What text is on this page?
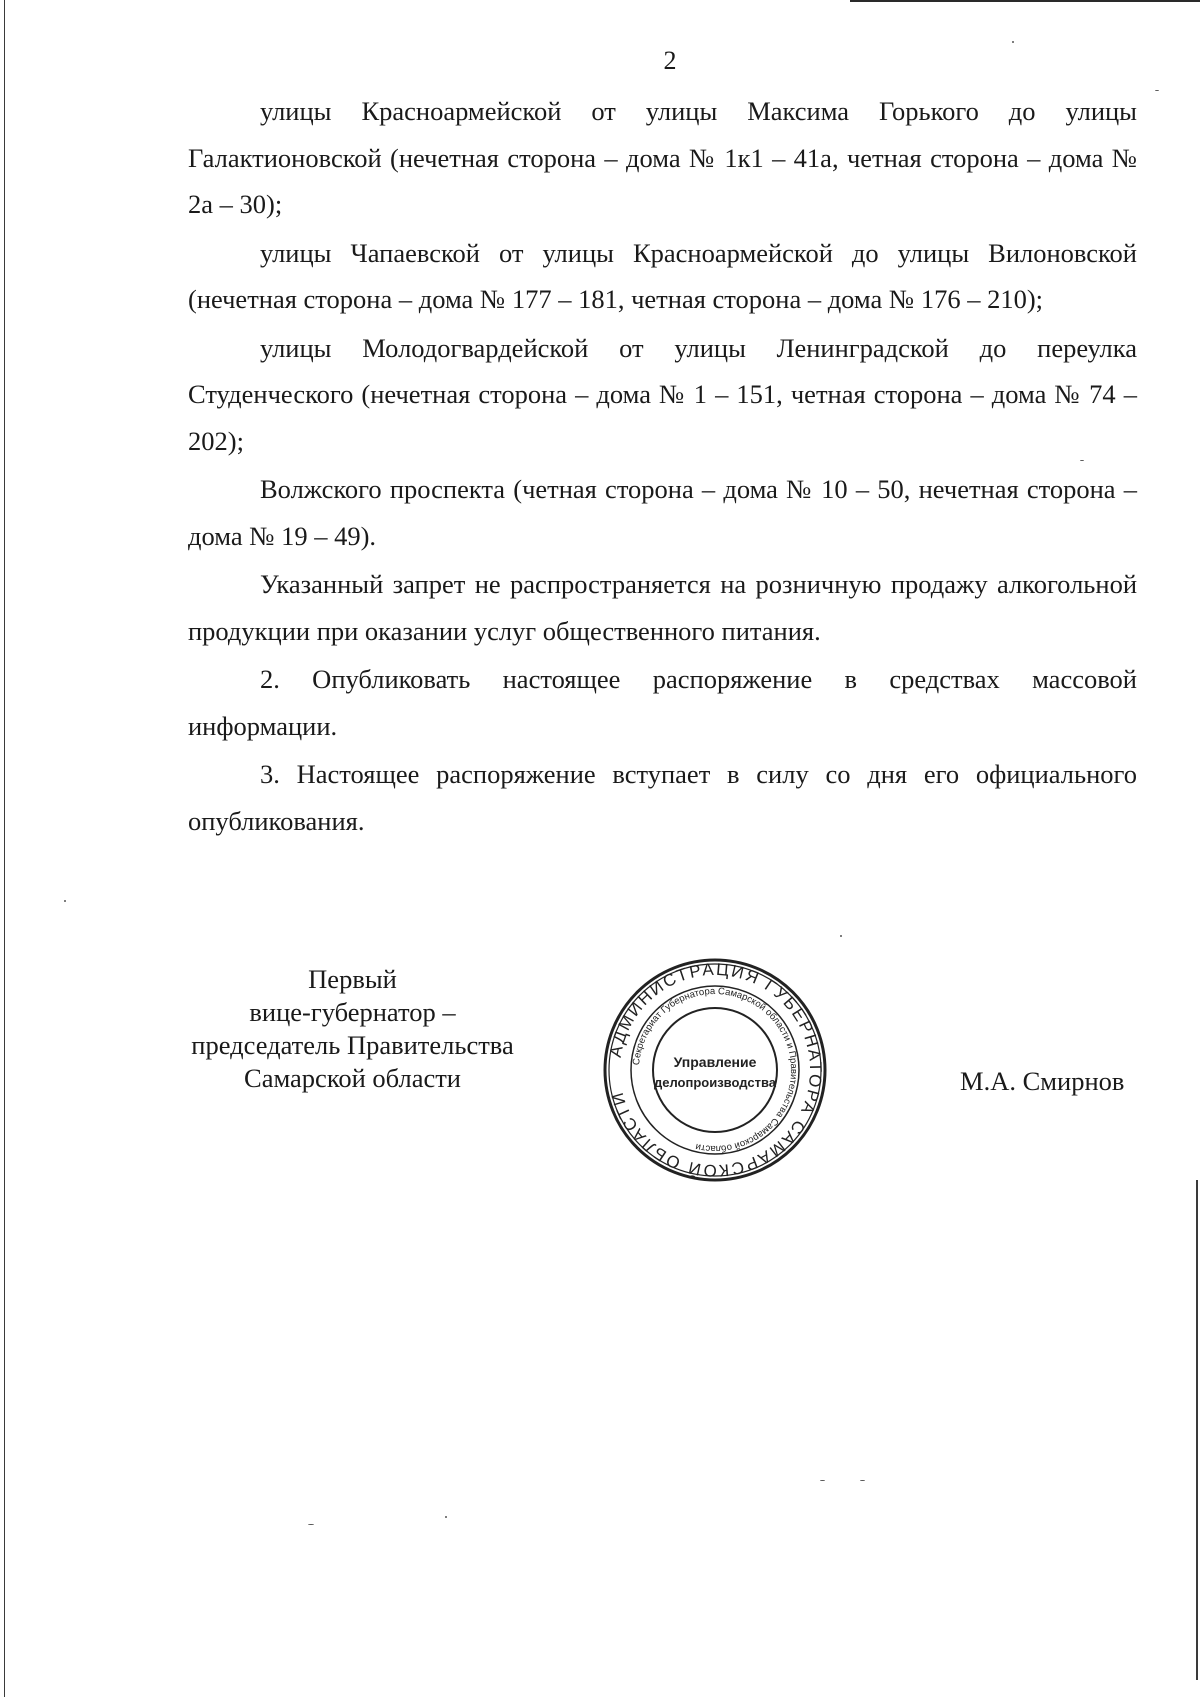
2

улицы Красноармейской от улицы Максима Горького до улицы Галактионовской (нечетная сторона – дома № 1к1 – 41а, четная сторона – дома № 2а – 30);

улицы Чапаевской от улицы Красноармейской до улицы Вилоновской (нечетная сторона – дома № 177 – 181, четная сторона – дома № 176 – 210);

улицы Молодогвардейской от улицы Ленинградской до переулка Студенческого (нечетная сторона – дома № 1 – 151, четная сторона – дома № 74 – 202);

Волжского проспекта (четная сторона – дома № 10 – 50, нечетная сторона – дома № 19 – 49).

Указанный запрет не распространяется на розничную продажу алкогольной продукции при оказании услуг общественного питания.

2. Опубликовать настоящее распоряжение в средствах массовой информации.

3. Настоящее распоряжение вступает в силу со дня его официального опубликования.

Первый
вице-губернатор –
председатель Правительства
Самарской области
АДМИНИСТРАЦИЯ ГУБЕРНАТОРА САМАРСКОЙ ОБЛАСТИ
Секретариат Губернатора Самарской области и Правительства Самарской области
Управление
делопроизводства	М.А. Смирнов
